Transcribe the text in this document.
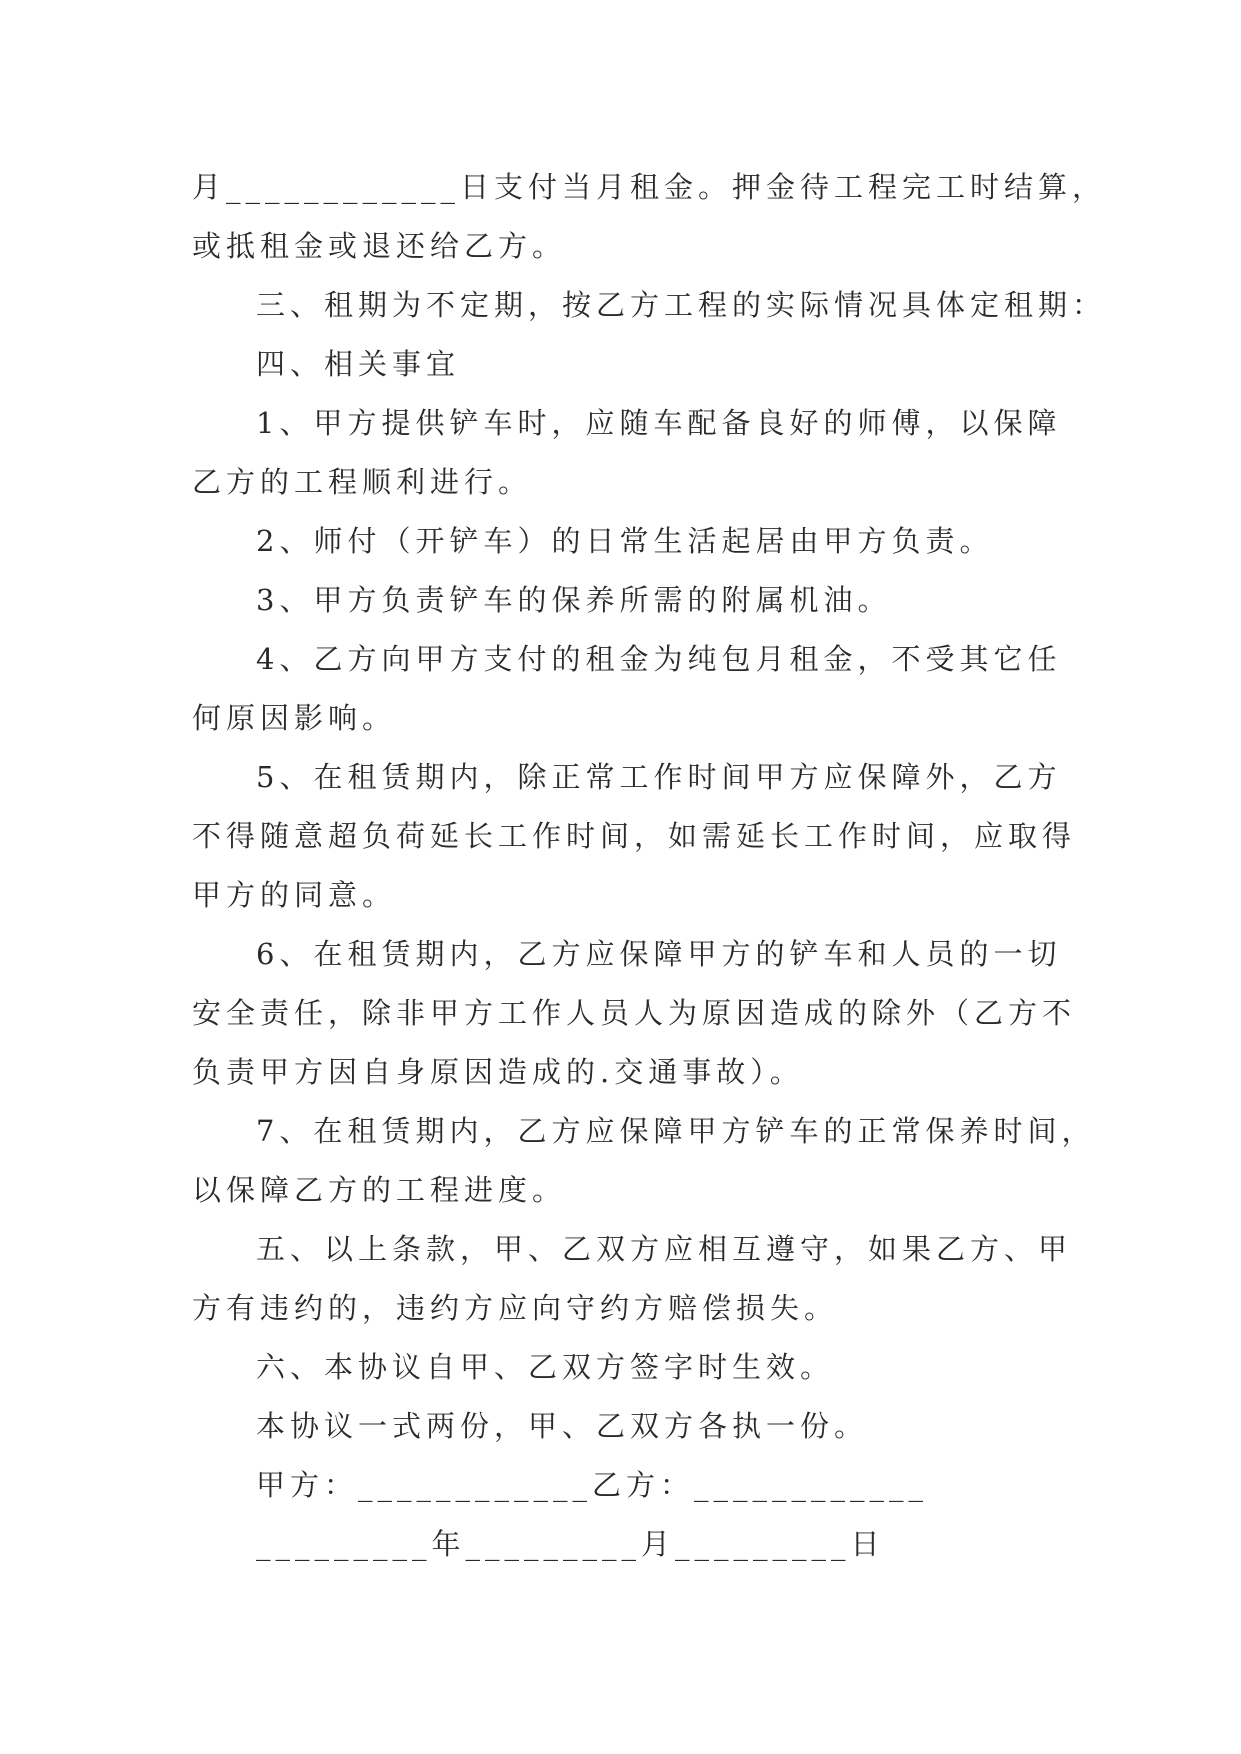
月____________日支付当月租金。押金待工程完工时结算，
或抵租金或退还给乙方。
三、租期为不定期，按乙方工程的实际情况具体定租期：
四、相关事宜
1、甲方提供铲车时，应随车配备良好的师傅，以保障
乙方的工程顺利进行。
2、师付（开铲车）的日常生活起居由甲方负责。
3、甲方负责铲车的保养所需的附属机油。
4、乙方向甲方支付的租金为纯包月租金，不受其它任
何原因影响。
5、在租赁期内，除正常工作时间甲方应保障外，乙方
不得随意超负荷延长工作时间，如需延长工作时间，应取得
甲方的同意。
6、在租赁期内，乙方应保障甲方的铲车和人员的一切
安全责任，除非甲方工作人员人为原因造成的除外（乙方不
负责甲方因自身原因造成的.交通事故）。
7、在租赁期内，乙方应保障甲方铲车的正常保养时间，
以保障乙方的工程进度。
五、以上条款，甲、乙双方应相互遵守，如果乙方、甲
方有违约的，违约方应向守约方赔偿损失。
六、本协议自甲、乙双方签字时生效。
本协议一式两份，甲、乙双方各执一份。
甲方：____________乙方：____________
_________年_________月_________日
